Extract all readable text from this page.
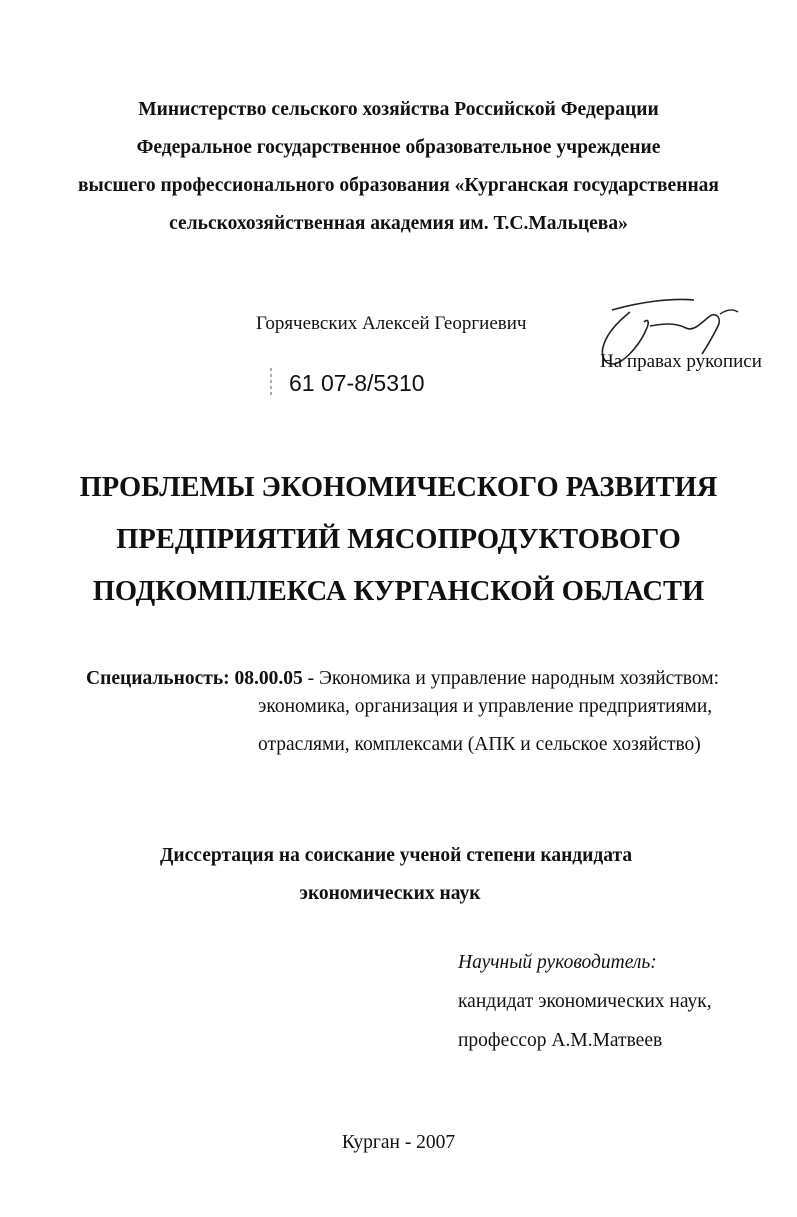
Министерство сельского хозяйства Российской Федерации
Федеральное государственное образовательное учреждение
высшего профессионального образования «Курганская государственная
сельскохозяйственная академия им. Т.С.Мальцева»
Горячевских Алексей Георгиевич
На правах рукописи
61 07-8/5310
ПРОБЛЕМЫ ЭКОНОМИЧЕСКОГО РАЗВИТИЯ
ПРЕДПРИЯТИЙ МЯСОПРОДУКТОВОГО
ПОДКОМПЛЕКСА КУРГАНСКОЙ ОБЛАСТИ
Специальность: 08.00.05 - Экономика и управление народным хозяйством:
экономика, организация и управление предприятиями,
отраслями, комплексами (АПК и сельское хозяйство)
Диссертация на соискание ученой степени кандидата
экономических наук
Научный руководитель:
кандидат экономических наук,
профессор А.М.Матвеев
Курган - 2007
